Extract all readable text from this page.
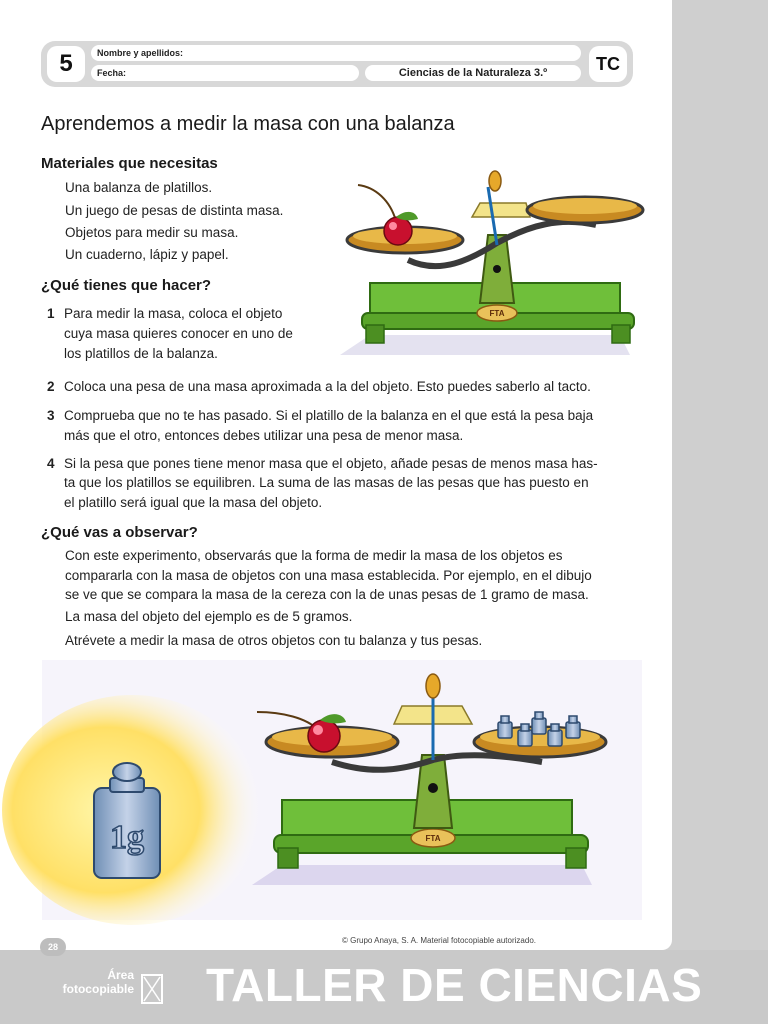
5	Nombre y apellidos:
Fecha:	Ciencias de la Naturaleza 3.º	TC
Aprendemos a medir la masa con una balanza
Materiales que necesitas

Una balanza de platillos.

Un juego de pesas de distinta masa.

Objetos para medir su masa.

Un cuaderno, lápiz y papel.

¿Qué tienes que hacer?
1 Para medir la masa, coloca el objeto

cuya masa quieres conocer en uno de

los platillos de la balanza.

2 Coloca una pesa de una masa aproximada a la del objeto. Esto puedes saberlo al tacto.

3 Comprueba que no te has pasado. Si el platillo de la balanza en el que está la pesa baja

más que el otro, entonces debes utilizar una pesa de menor masa.

4 Si la pesa que pones tiene menor masa que el objeto, añade pesas de menos masa has-

ta que los platillos se equilibren. La suma de las masas de las pesas que has puesto en

el platillo será igual que la masa del objeto.

¿Qué vas a observar?

Con este experimento, observarás que la forma de medir la masa de los objetos es

compararla con la masa de objetos con una masa establecida. Por ejemplo, en el dibujo

se ve que se compara la masa de la cereza con la de unas pesas de 1 gramo de masa.

La masa del objeto del ejemplo es de 5 gramos.

Atrévete a medir la masa de otros objetos con tu balanza y tus pesas.

FTA
1g	FTA
© Grupo Anaya, S. A. Material fotocopiable autorizado.
28
Área
fotocopiable TALLER DE CIENCIAS
